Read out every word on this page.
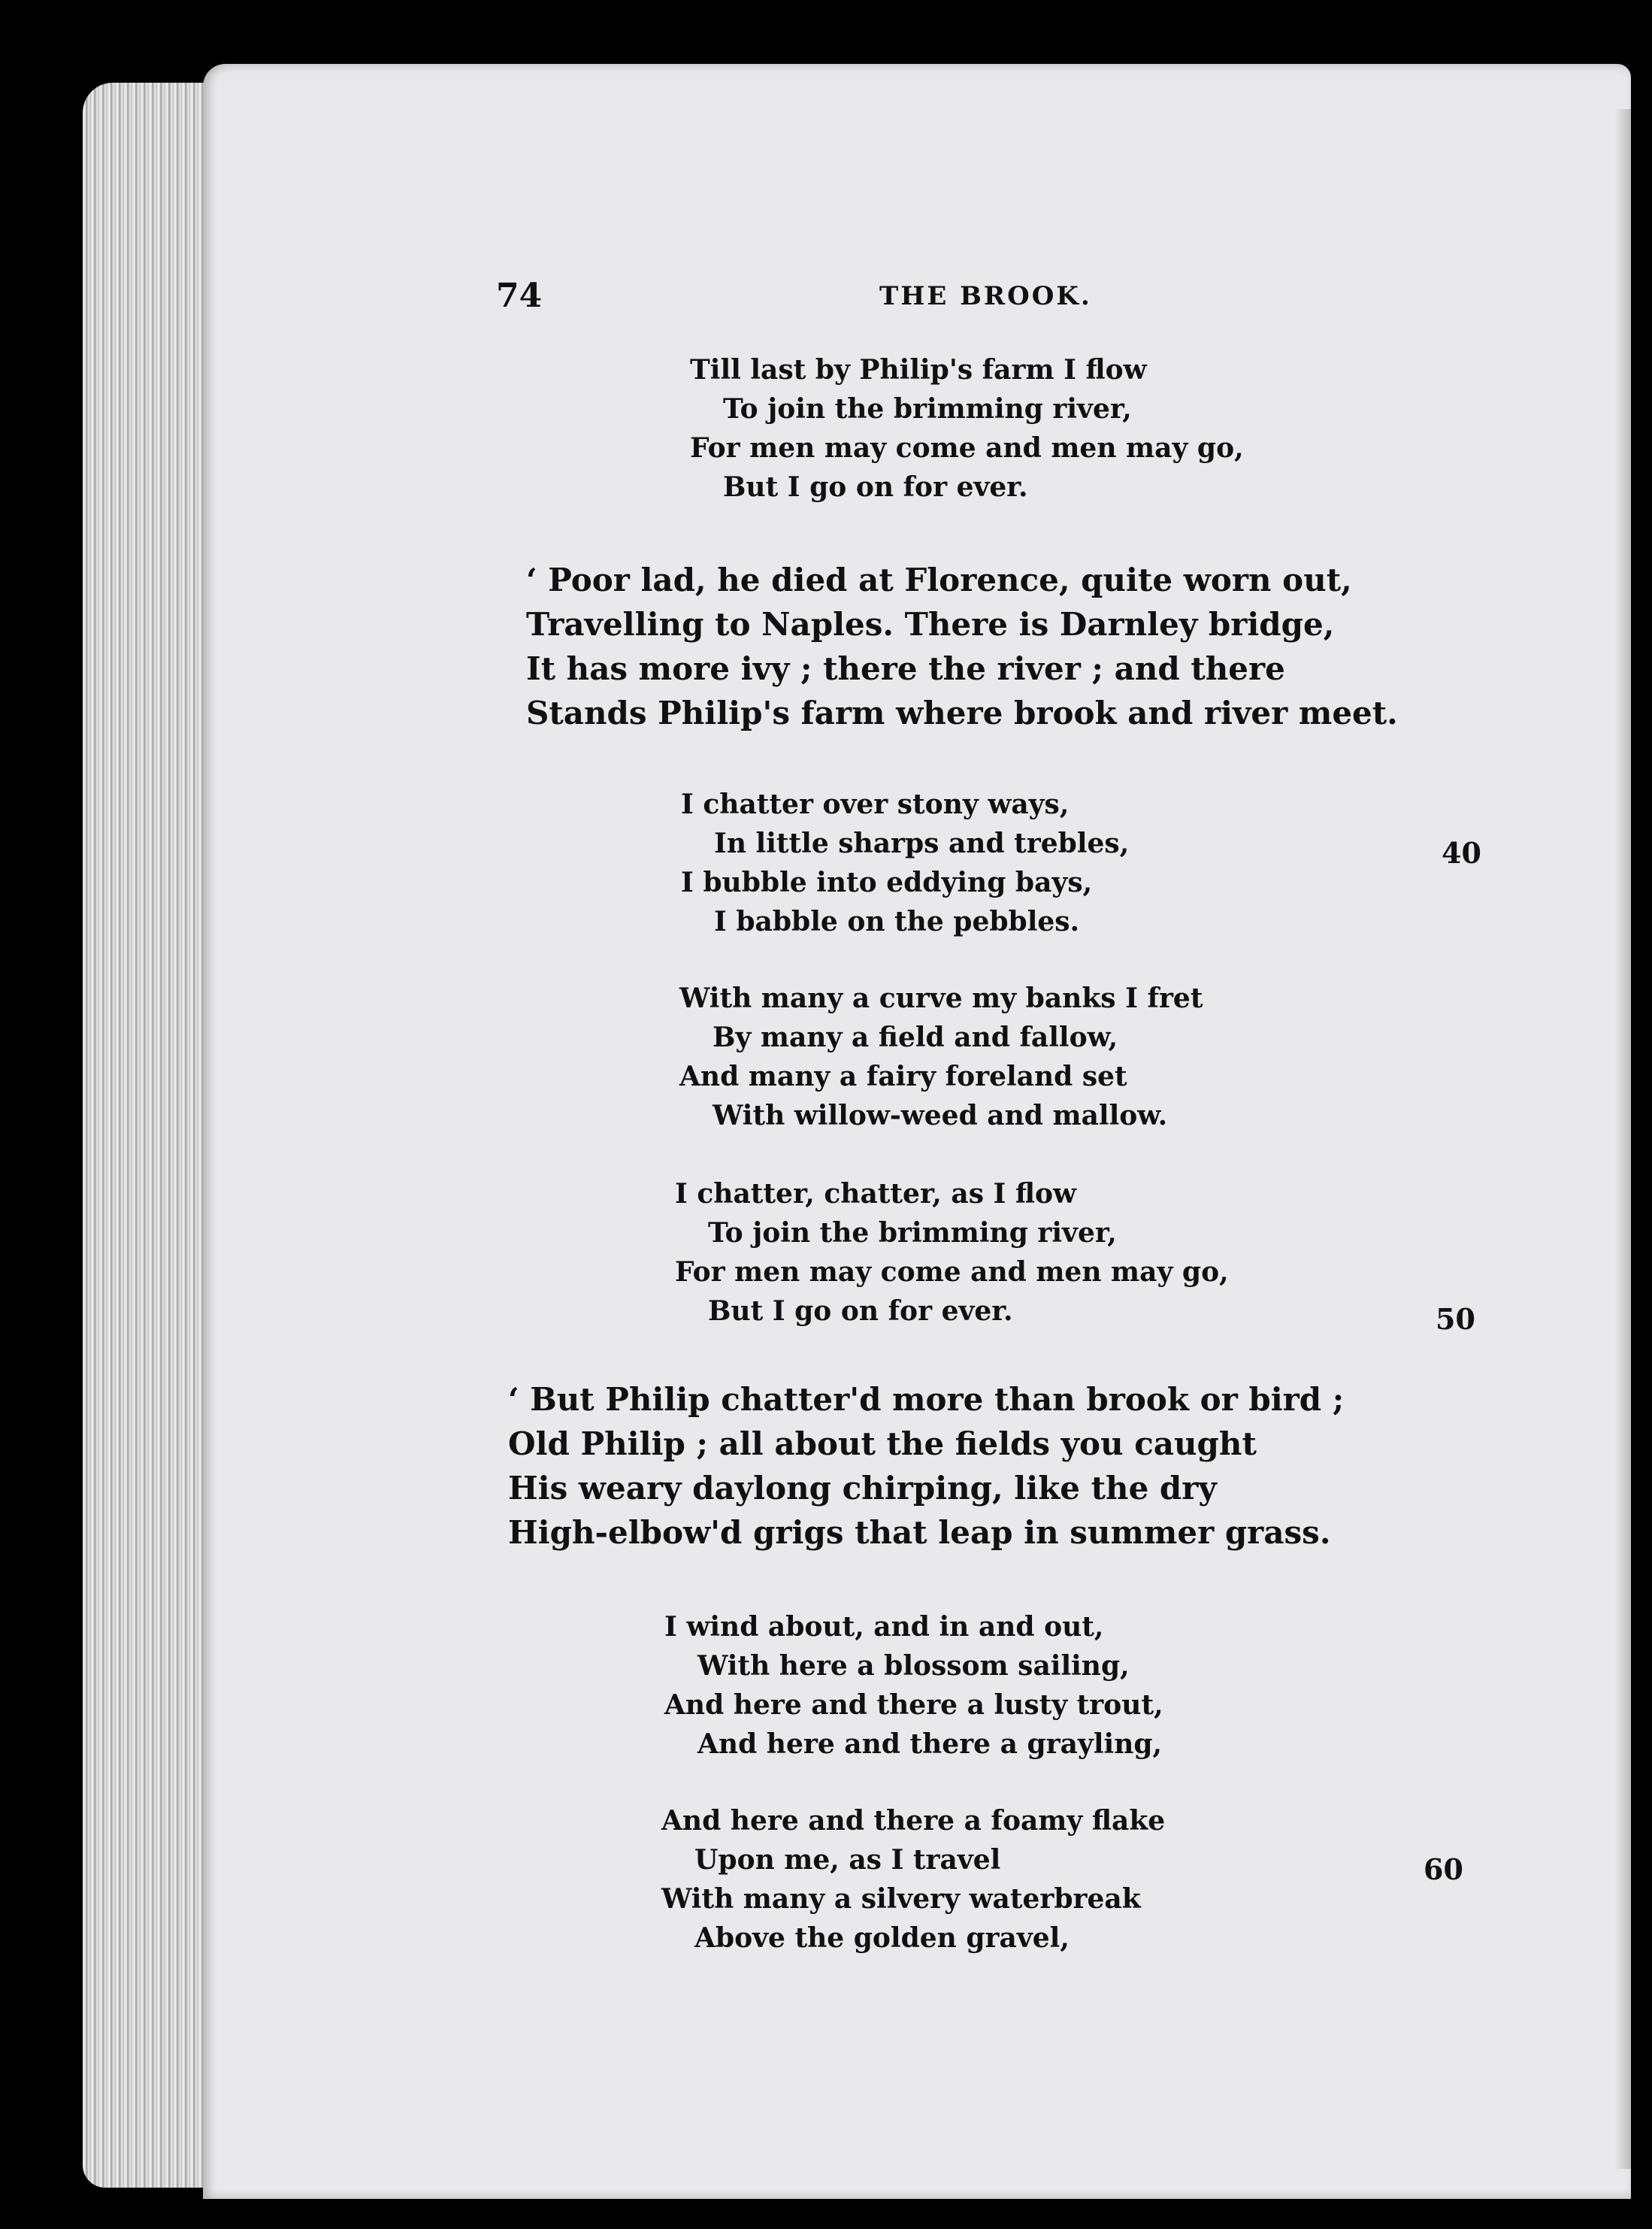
74	THE BROOK.
Till last by Philip's farm I flow
To join the brimming river,
For men may come and men may go,
But I go on for ever.
‘ Poor lad, he died at Florence, quite worn out,
Travelling to Naples. There is Darnley bridge,
It has more ivy ; there the river ; and there
Stands Philip's farm where brook and river meet.
I chatter over stony ways,
In little sharps and trebles,
I bubble into eddying bays,
I babble on the pebbles.
40
With many a curve my banks I fret
By many a field and fallow,
And many a fairy foreland set
With willow-weed and mallow.
I chatter, chatter, as I flow
To join the brimming river,
For men may come and men may go,
But I go on for ever.	50
‘ But Philip chatter'd more than brook or bird ;
Old Philip ; all about the fields you caught
His weary daylong chirping, like the dry
High-elbow'd grigs that leap in summer grass.
I wind about, and in and out,
With here a blossom sailing,
And here and there a lusty trout,
And here and there a grayling,
And here and there a foamy flake
Upon me, as I travel
With many a silvery waterbreak
Above the golden gravel,
60
